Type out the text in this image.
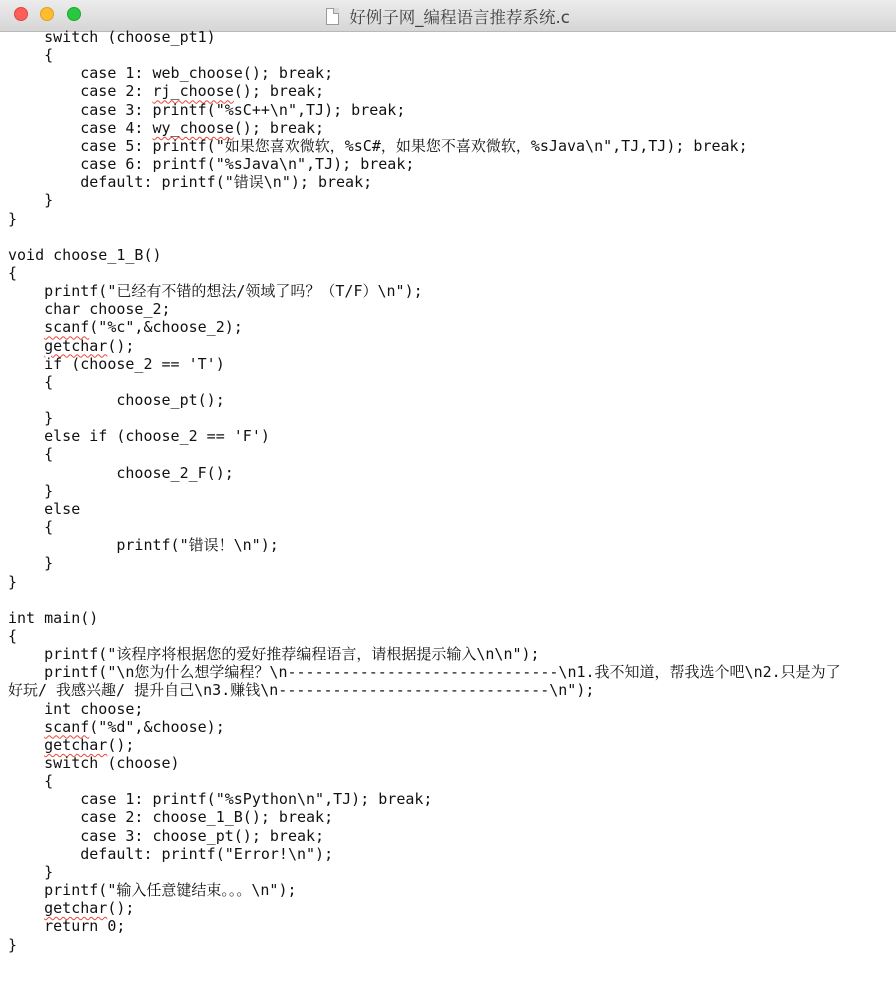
好例子网_编程语言推荐系统.c
switch (choose_pt1)
{
case 1: web_choose(); break;
case 2: rj_choose(); break;
case 3: printf("%sC++\n",TJ); break;
case 4: wy_choose(); break;
case 5: printf("如果您喜欢微软，%sC#，如果您不喜欢微软，%sJava\n",TJ,TJ); break;
case 6: printf("%sJava\n",TJ); break;
default: printf("错误\n"); break;
}
}
void choose_1_B()
{
printf("已经有不错的想法/领域了吗？（T/F）\n");
char choose_2;
scanf("%c",&choose_2);
getchar();
if (choose_2 == 'T')
{
choose_pt();
}
else if (choose_2 == 'F')
{
choose_2_F();
}
else
{
printf("错误！\n");
}
}
int main()
{
printf("该程序将根据您的爱好推荐编程语言，请根据提示输入\n\n");
printf("\n您为什么想学编程？\n------------------------------\n1.我不知道，帮我选个吧\n2.只是为了
好玩/ 我感兴趣/ 提升自己\n3.赚钱\n------------------------------\n");
int choose;
scanf("%d",&choose);
getchar();
switch (choose)
{
case 1: printf("%sPython\n",TJ); break;
case 2: choose_1_B(); break;
case 3: choose_pt(); break;
default: printf("Error!\n");
}
printf("输入任意键结束。。。\n");
getchar();
return 0;
}
